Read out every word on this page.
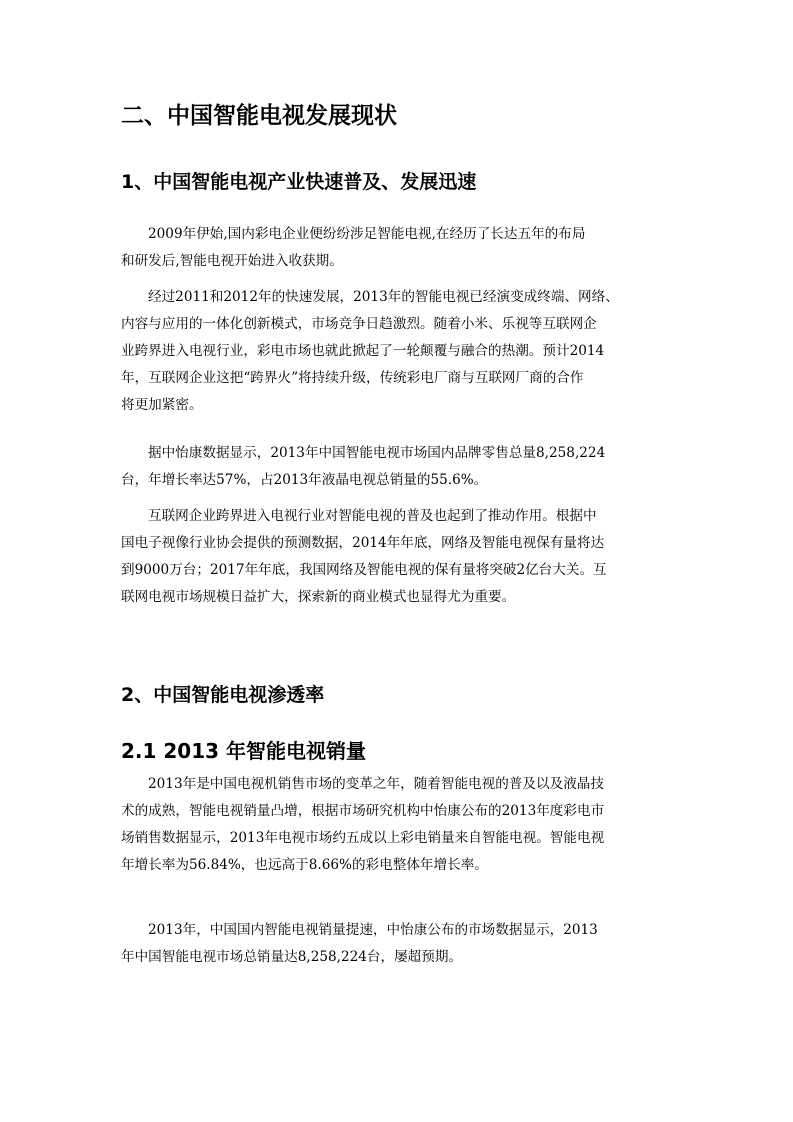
二、中国智能电视发展现状
1、中国智能电视产业快速普及、发展迅速
2009年伊始,国内彩电企业便纷纷涉足智能电视,在经历了长达五年的布局
和研发后,智能电视开始进入收获期。
经过2011和2012年的快速发展，2013年的智能电视已经演变成终端、网络、
内容与应用的一体化创新模式，市场竞争日趋激烈。随着小米、乐视等互联网企
业跨界进入电视行业，彩电市场也就此掀起了一轮颠覆与融合的热潮。预计2014
年，互联网企业这把“跨界火”将持续升级，传统彩电厂商与互联网厂商的合作
将更加紧密。
据中怡康数据显示，2013年中国智能电视市场国内品牌零售总量8,258,224
台，年增长率达57%，占2013年液晶电视总销量的55.6%。
互联网企业跨界进入电视行业对智能电视的普及也起到了推动作用。根据中
国电子视像行业协会提供的预测数据，2014年年底，网络及智能电视保有量将达
到9000万台；2017年年底，我国网络及智能电视的保有量将突破2亿台大关。互
联网电视市场规模日益扩大，探索新的商业模式也显得尤为重要。
2、中国智能电视渗透率
2.1 2013 年智能电视销量
2013年是中国电视机销售市场的变革之年，随着智能电视的普及以及液晶技
术的成熟，智能电视销量凸增，根据市场研究机构中怡康公布的2013年度彩电市
场销售数据显示，2013年电视市场约五成以上彩电销量来自智能电视。智能电视
年增长率为56.84%，也远高于8.66%的彩电整体年增长率。
2013年，中国国内智能电视销量提速，中怡康公布的市场数据显示，2013
年中国智能电视市场总销量达8,258,224台，屡超预期。
